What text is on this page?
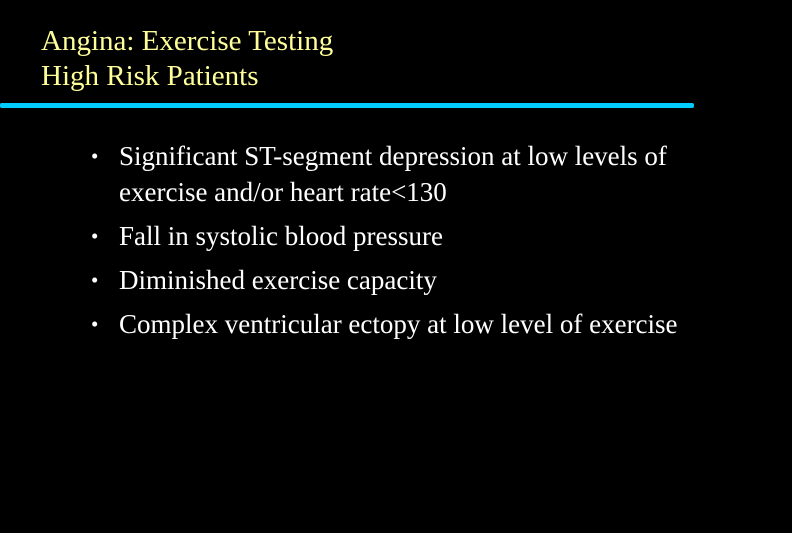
Angina: Exercise Testing
High Risk Patients
• Significant ST-segment depression at low levels of exercise and/or heart rate<130
• Fall in systolic blood pressure
• Diminished exercise capacity
• Complex ventricular ectopy at low level of exercise
